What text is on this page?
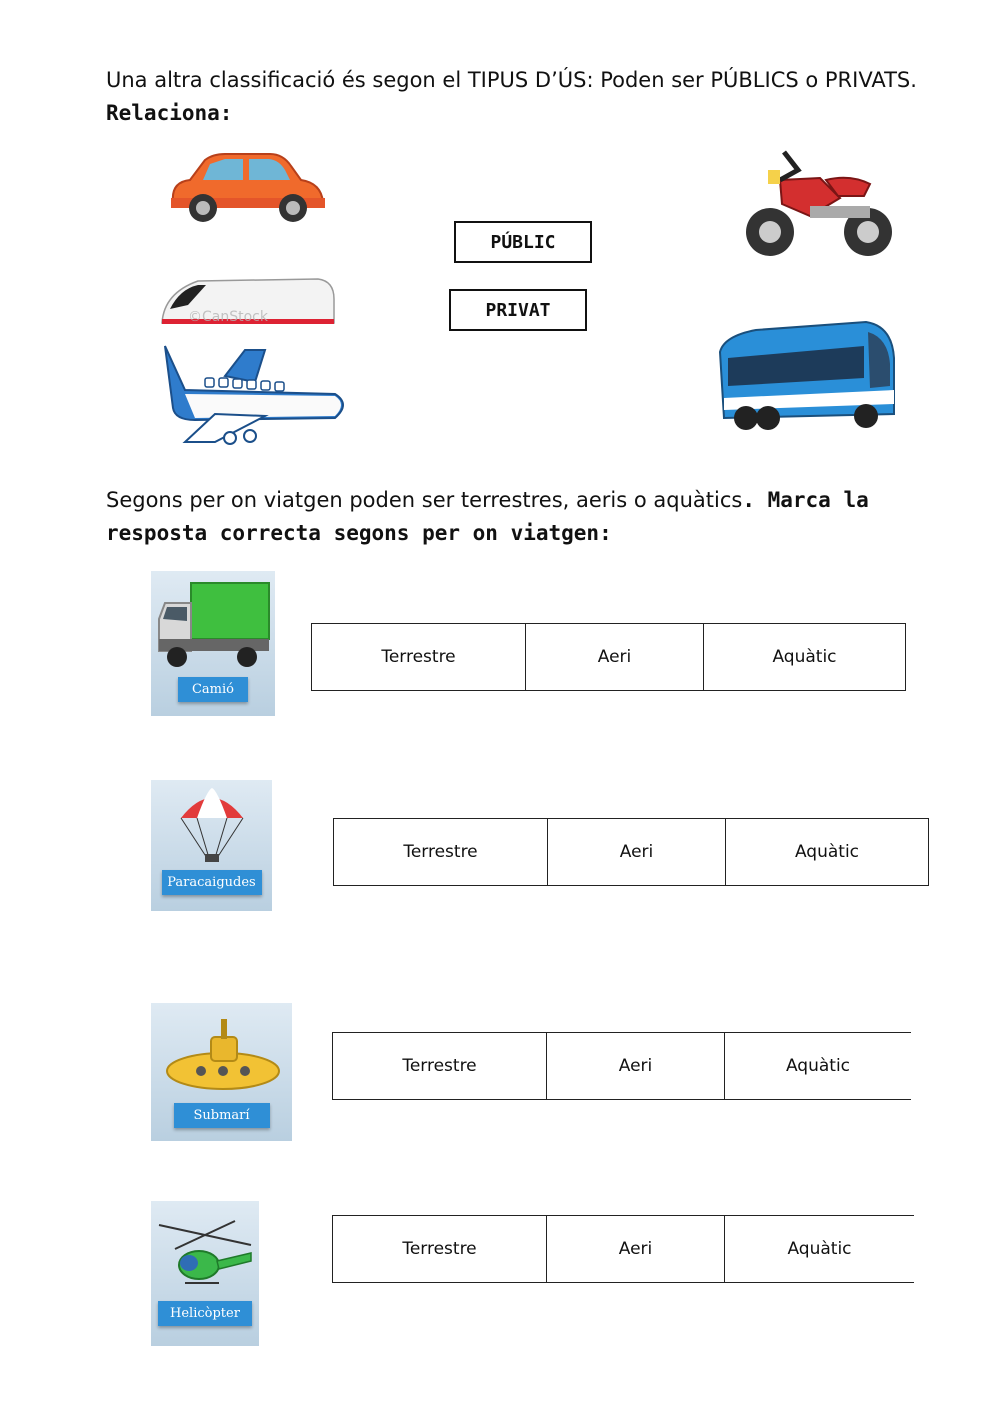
Una altra classificació és segon el TIPUS D’ÚS: Poden ser PÚBLICS o PRIVATS.
Relaciona:
©CanStock
PÚBLIC
PRIVAT
Segons per on viatgen poden ser terrestres, aeris o aquàtics. Marca la
resposta correcta segons per on viatgen:
Camió
Terrestre	Aeri	Aquàtic
Paracaigudes
Terrestre	Aeri	Aquàtic
Submarí
Terrestre	Aeri	Aquàtic
Helicòpter
Terrestre	Aeri	Aquàtic
